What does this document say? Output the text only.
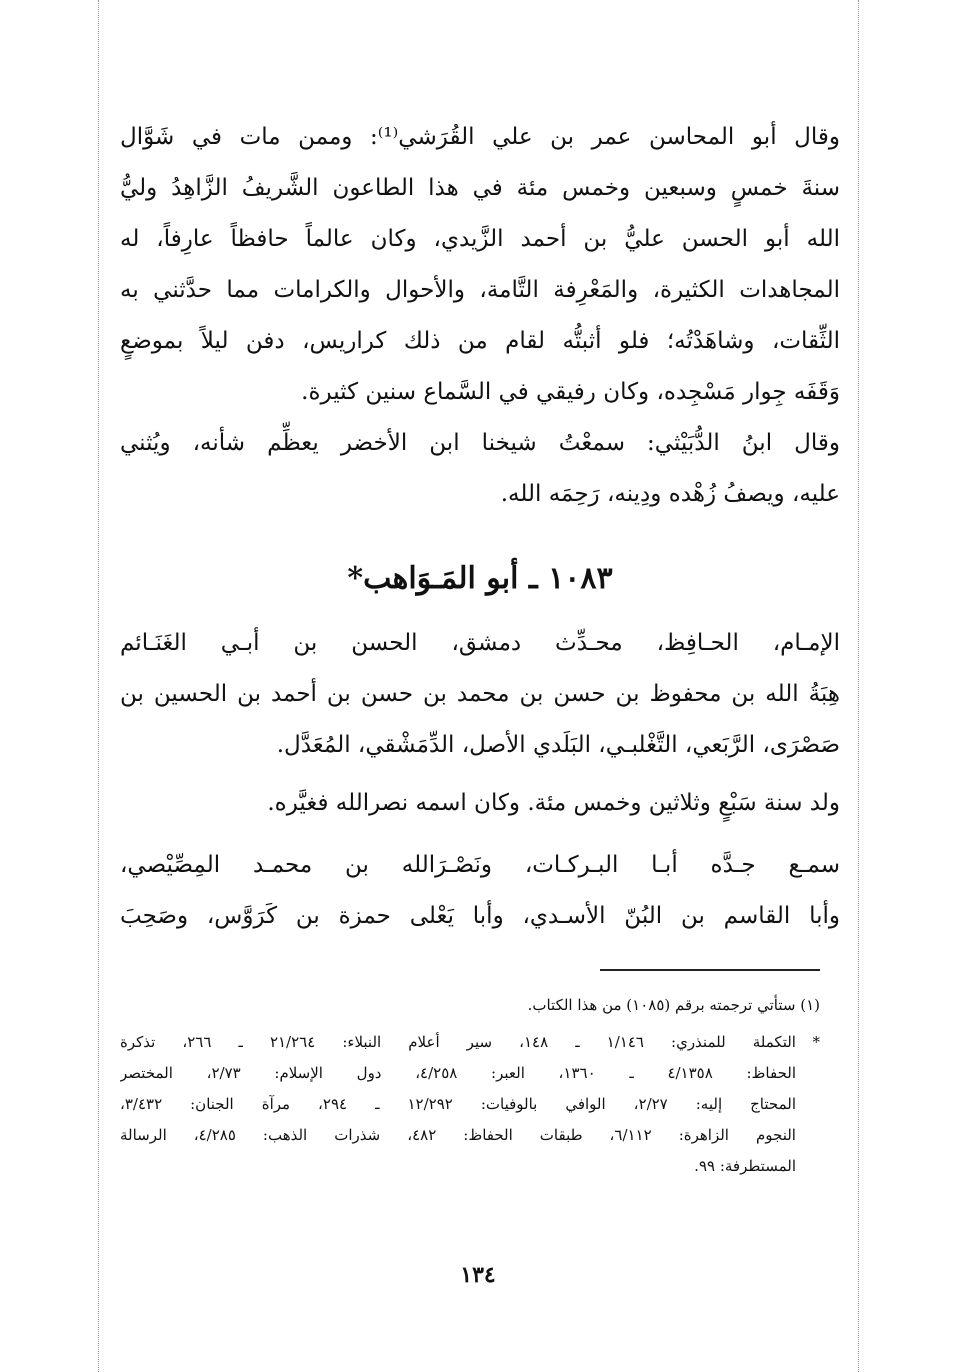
وقال أبو المحاسن عمر بن علي القُرَشي⁽¹⁾: وممن مات في شَوَّال
سنةَ خمسٍ وسبعين وخمس مئة في هذا الطاعون الشَّريفُ الزَّاهِدُ وليُّ
الله أبو الحسن عليُّ بن أحمد الزَّيدي، وكان عالماً حافظاً عارِفاً، له
المجاهدات الكثيرة، والمَعْرِفة التَّامة، والأحوال والكرامات مما حدَّثني به
الثِّقات، وشاهَدْتُه؛ فلو أثبتُّه لقام من ذلك كراريس، دفن ليلاً بموضعٍ
وَقَفَه جِوار مَسْجِده، وكان رفيقي في السَّماع سنين كثيرة.
وقال ابنُ الدُّبَيْثي: سمعْتُ شيخنا ابن الأخضر يعظِّم شأنه، ويُثني
عليه، ويصفُ زُهْده ودِينه، رَحِمَه الله.
١٠٨٣ ـ أبو المَـوَاهب*
الإمـام، الحـافِظ، محـدِّث دمشق، الحسن بن أبـي الغَنَـائم
هِبَةُ الله بن محفوظ بن حسن بن محمد بن حسن بن أحمد بن الحسين بن
صَصْرَى، الرَّبَعي، التَّغْلبـي، البَلَدي الأصل، الدِّمَشْقي، المُعَدَّل.
ولد سنة سَبْعٍ وثلاثين وخمس مئة. وكان اسمه نصرالله فغيَّره.
سمـع جـدَّه أبـا البـركـات، ونَصْـرَالله بن محمـد المِصِّيْصي،
وأبا القاسم بن البُنّ الأسـدي، وأبا يَعْلى حمزة بن كَرَوَّس، وصَحِبَ
(١) ستأتي ترجمته برقم (١٠٨٥) من هذا الكتاب.
*التكملة للمنذري: ١/١٤٦ ـ ١٤٨، سير أعلام النبلاء: ٢١/٢٦٤ ـ ٢٦٦، تذكرة
الحفاظ: ٤/١٣٥٨ ـ ١٣٦٠، العبر: ٤/٢٥٨، دول الإسلام: ٢/٧٣، المختصر
المحتاج إليه: ٢/٢٧، الوافي بالوفيات: ١٢/٢٩٢ ـ ٢٩٤، مرآة الجنان: ٣/٤٣٢،
النجوم الزاهرة: ٦/١١٢، طبقات الحفاظ: ٤٨٢، شذرات الذهب: ٤/٢٨٥، الرسالة
المستطرفة: ٩٩.
١٣٤
